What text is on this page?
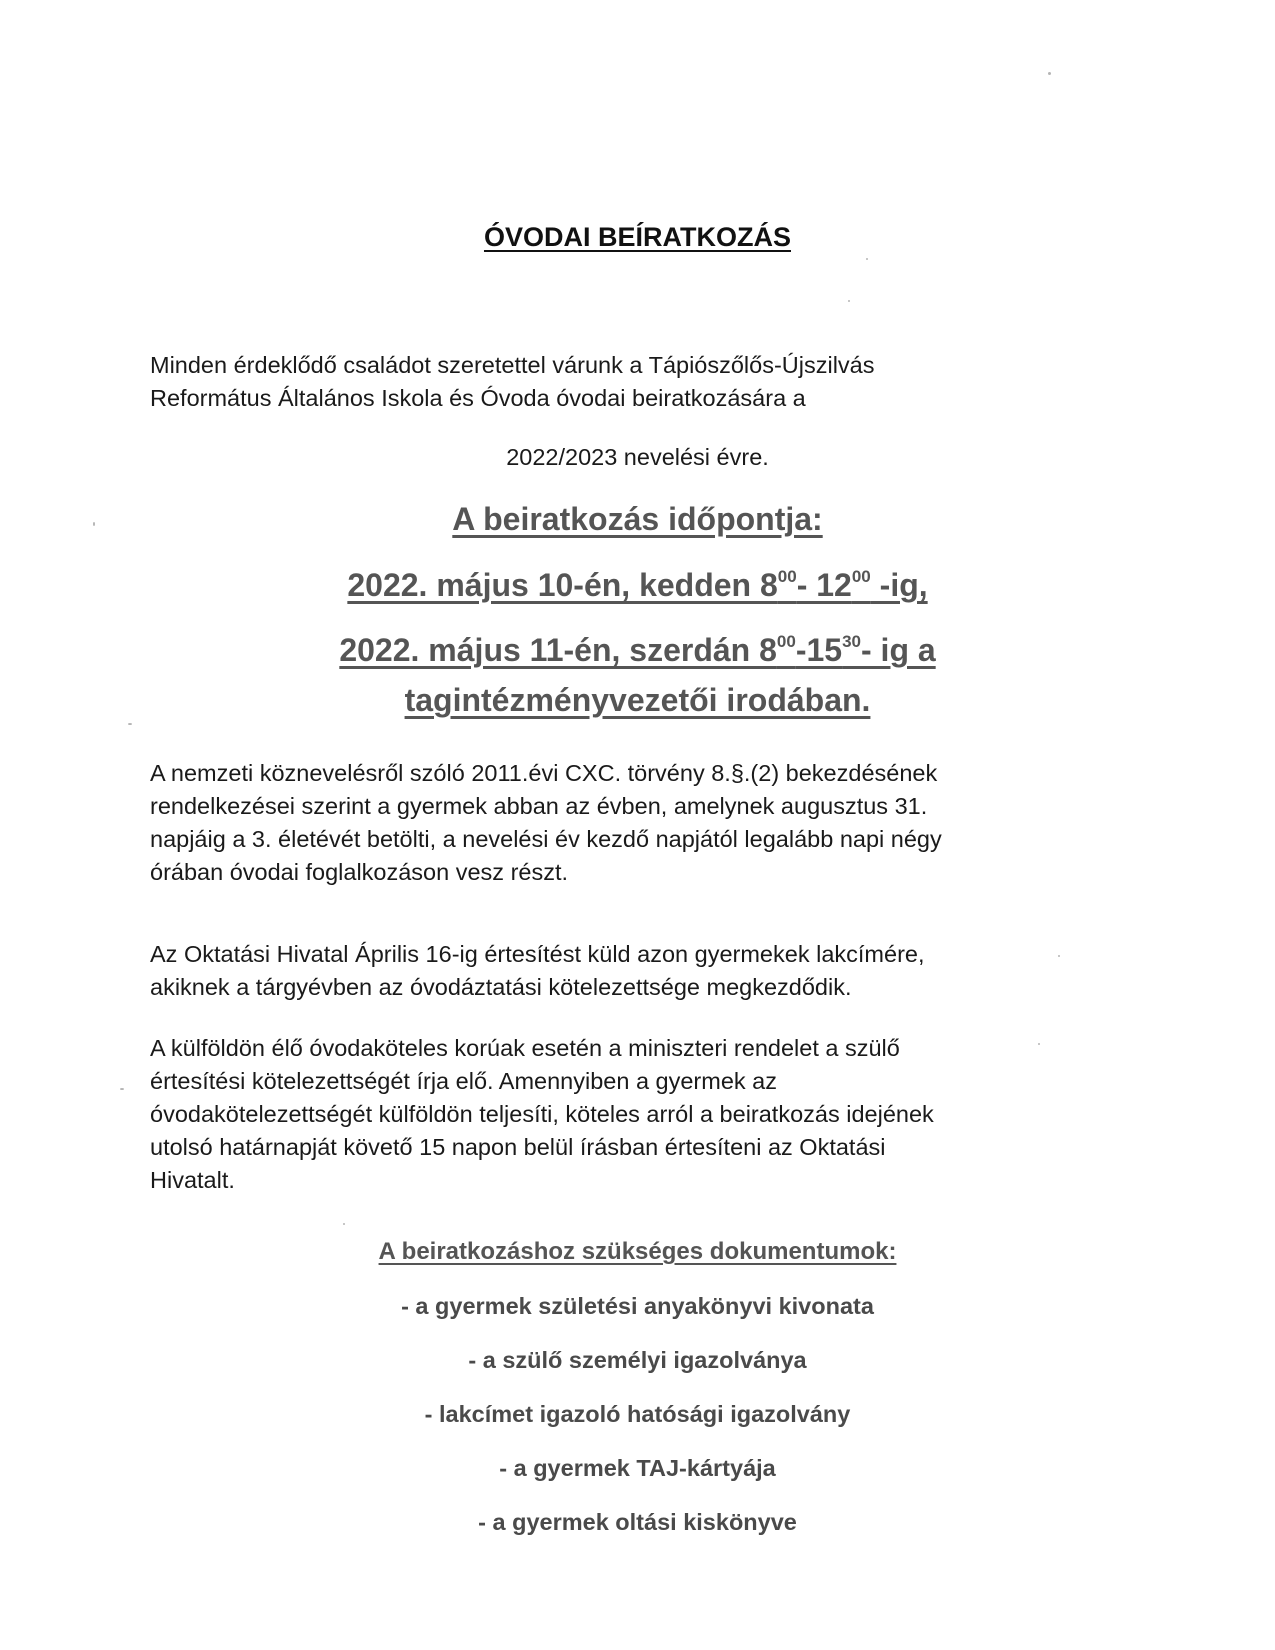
ÓVODAI BEÍRATKOZÁS
Minden érdeklődő családot szeretettel várunk a Tápiószőlős-Újszilvás
Református Általános Iskola és Óvoda óvodai beiratkozására a
2022/2023 nevelési évre.
A beiratkozás időpontja:
2022. május 10-én, kedden $8^{00}-$ $12^{00}$ -ig,
2022. május 11-én, szerdán $8^{00}-15^{30}-$ ig a
tagintézményvezetői irodában.
A nemzeti köznevelésről szóló 2011.évi CXC. törvény 8.§.(2) bekezdésének
rendelkezései szerint a gyermek abban az évben, amelynek augusztus 31.
napjáig a 3. életévét betölti, a nevelési év kezdő napjától legalább napi négy
órában óvodai foglalkozáson vesz részt.
Az Oktatási Hivatal Április 16-ig értesítést küld azon gyermekek lakcímére,
akiknek a tárgyévben az óvodáztatási kötelezettsége megkezdődik.
A külföldön élő óvodaköteles korúak esetén a miniszteri rendelet a szülő
értesítési kötelezettségét írja elő. Amennyiben a gyermek az
óvodakötelezettségét külföldön teljesíti, köteles arról a beiratkozás idejének
utolsó határnapját követő 15 napon belül írásban értesíteni az Oktatási
Hivatalt.
A beiratkozáshoz szükséges dokumentumok:
- a gyermek születési anyakönyvi kivonata
- a szülő személyi igazolványa
- lakcímet igazoló hatósági igazolvány
- a gyermek TAJ-kártyája
- a gyermek oltási kiskönyve
